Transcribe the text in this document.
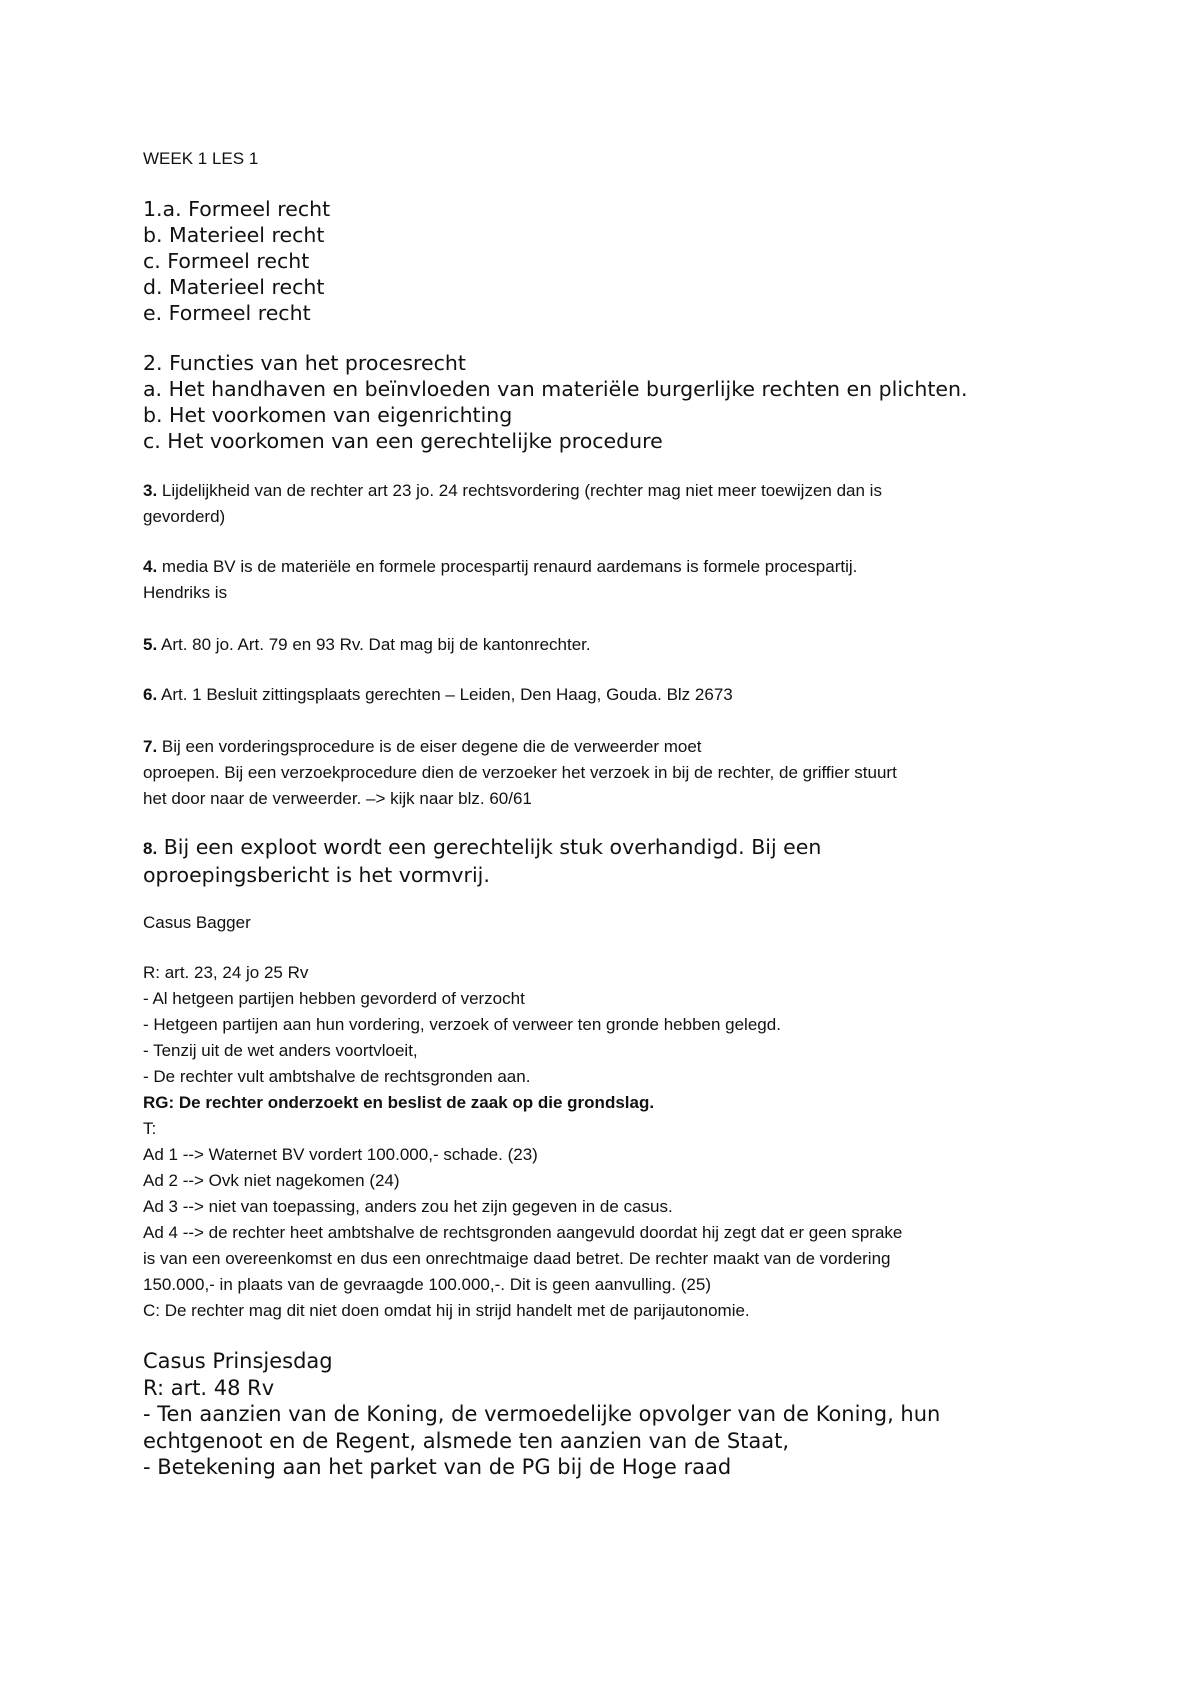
WEEK 1 LES 1

1.a. Formeel recht

b. Materieel recht

c. Formeel recht

d. Materieel recht

e. Formeel recht

2. Functies van het procesrecht

a. Het handhaven en beïnvloeden van materiële burgerlijke rechten en plichten.

b. Het voorkomen van eigenrichting

c. Het voorkomen van een gerechtelijke procedure

3. Lijdelijkheid van de rechter art 23 jo. 24 rechtsvordering (rechter mag niet meer toewijzen dan is

gevorderd)

4. media BV is de materiële en formele procespartij renaurd aardemans is formele procespartij.

Hendriks is

5. Art. 80 jo. Art. 79 en 93 Rv. Dat mag bij de kantonrechter.

6. Art. 1 Besluit zittingsplaats gerechten – Leiden, Den Haag, Gouda. Blz 2673

7. Bij een vorderingsprocedure is de eiser degene die de verweerder moet

oproepen. Bij een verzoekprocedure dien de verzoeker het verzoek in bij de rechter, de griffier stuurt

het door naar de verweerder. –> kijk naar blz. 60/61

8. Bij een exploot wordt een gerechtelijk stuk overhandigd. Bij een

oproepingsbericht is het vormvrij.

Casus Bagger

R: art. 23, 24 jo 25 Rv

- Al hetgeen partijen hebben gevorderd of verzocht

- Hetgeen partijen aan hun vordering, verzoek of verweer ten gronde hebben gelegd.

- Tenzij uit de wet anders voortvloeit,

- De rechter vult ambtshalve de rechtsgronden aan.

RG: De rechter onderzoekt en beslist de zaak op die grondslag.

T:

Ad 1 --> Waternet BV vordert 100.000,- schade. (23)

Ad 2 --> Ovk niet nagekomen (24)

Ad 3 --> niet van toepassing, anders zou het zijn gegeven in de casus.

Ad 4 --> de rechter heet ambtshalve de rechtsgronden aangevuld doordat hij zegt dat er geen sprake

is van een overeenkomst en dus een onrechtmaige daad betret. De rechter maakt van de vordering

150.000,- in plaats van de gevraagde 100.000,-. Dit is geen aanvulling. (25)

C: De rechter mag dit niet doen omdat hij in strijd handelt met de parijautonomie.

Casus Prinsjesdag

R: art. 48 Rv

- Ten aanzien van de Koning, de vermoedelijke opvolger van de Koning, hun

echtgenoot en de Regent, alsmede ten aanzien van de Staat,

- Betekening aan het parket van de PG bij de Hoge raad
